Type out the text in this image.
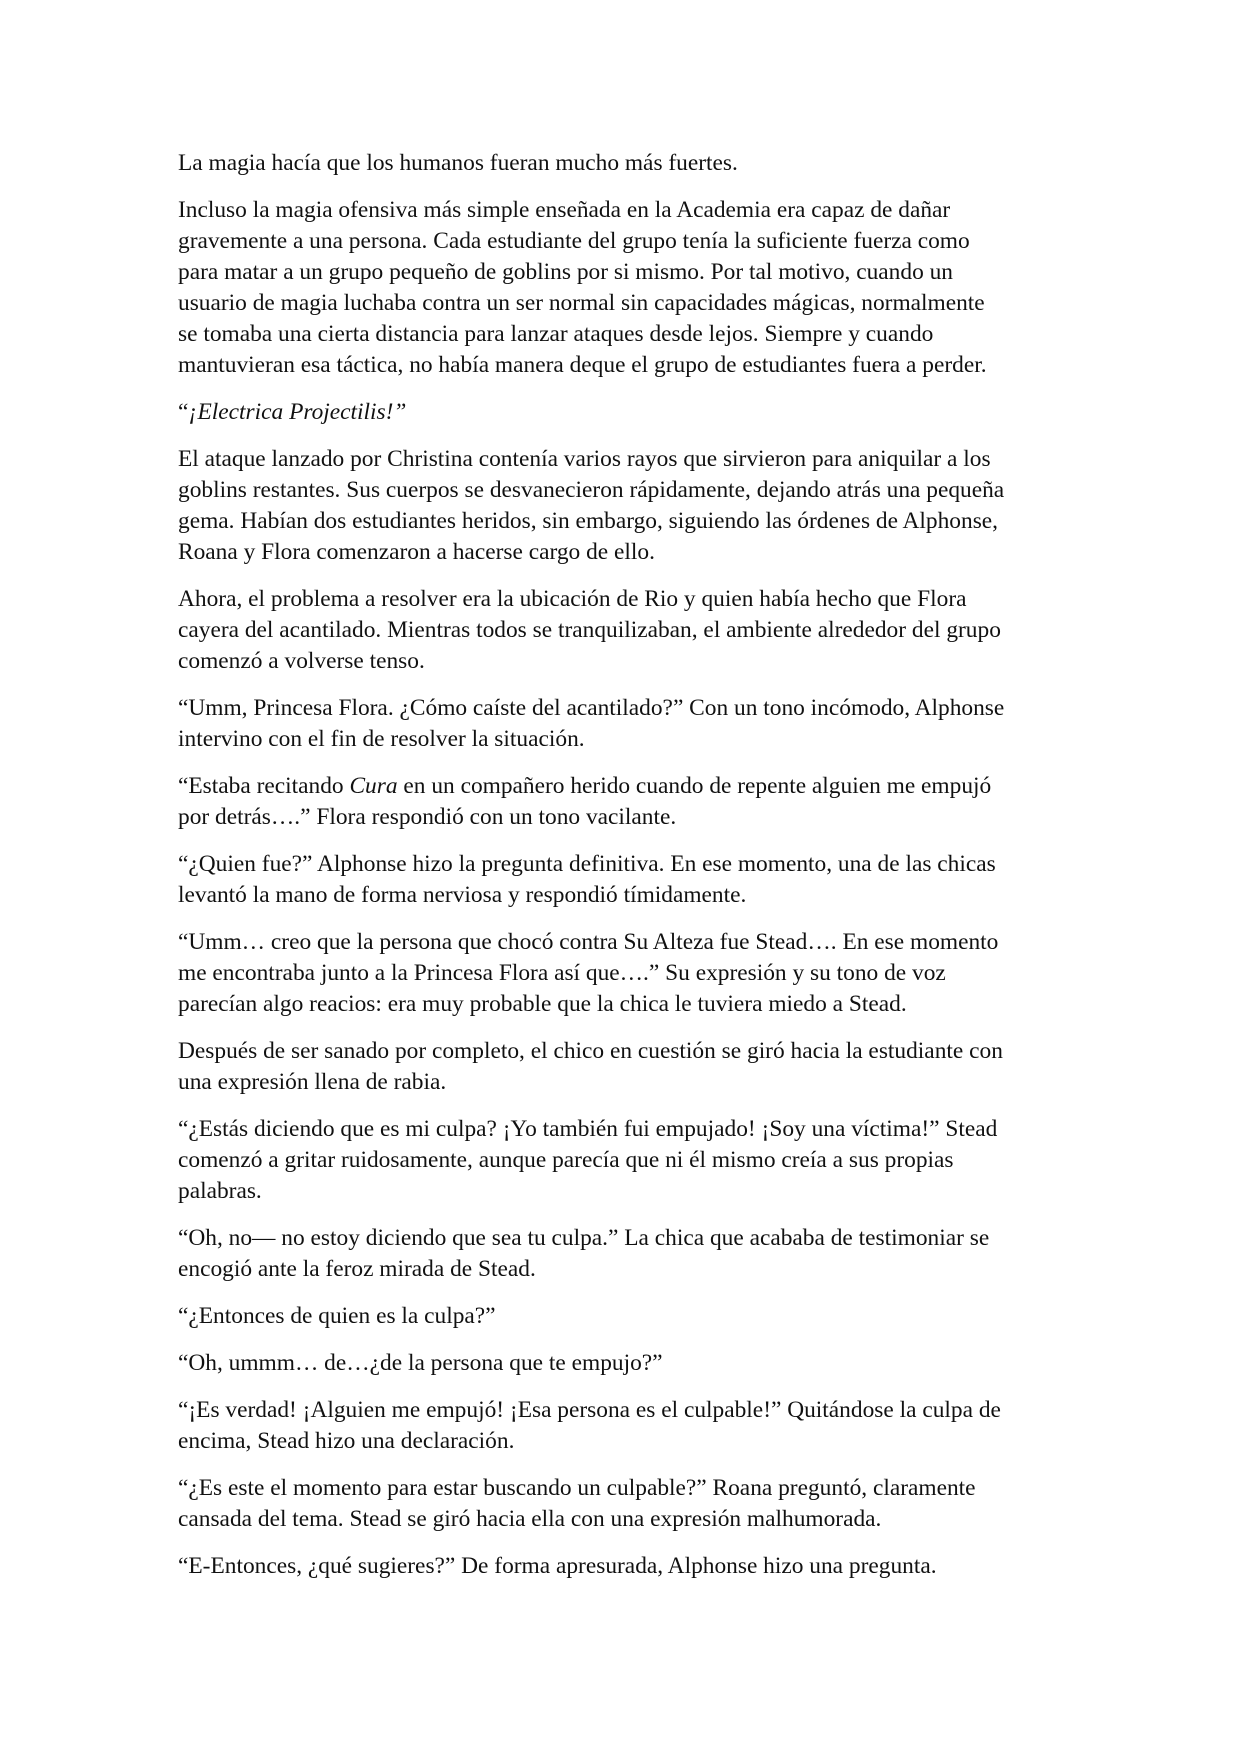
La magia hacía que los humanos fueran mucho más fuertes.

Incluso la magia ofensiva más simple enseñada en la Academia era capaz de dañar
gravemente a una persona. Cada estudiante del grupo tenía la suficiente fuerza como
para matar a un grupo pequeño de goblins por si mismo. Por tal motivo, cuando un
usuario de magia luchaba contra un ser normal sin capacidades mágicas, normalmente
se tomaba una cierta distancia para lanzar ataques desde lejos. Siempre y cuando
mantuvieran esa táctica, no había manera deque el grupo de estudiantes fuera a perder.

“¡Electrica Projectilis!”

El ataque lanzado por Christina contenía varios rayos que sirvieron para aniquilar a los
goblins restantes. Sus cuerpos se desvanecieron rápidamente, dejando atrás una pequeña
gema. Habían dos estudiantes heridos, sin embargo, siguiendo las órdenes de Alphonse,
Roana y Flora comenzaron a hacerse cargo de ello.

Ahora, el problema a resolver era la ubicación de Rio y quien había hecho que Flora
cayera del acantilado. Mientras todos se tranquilizaban, el ambiente alrededor del grupo
comenzó a volverse tenso.

“Umm, Princesa Flora. ¿Cómo caíste del acantilado?” Con un tono incómodo, Alphonse
intervino con el fin de resolver la situación.

“Estaba recitando Cura en un compañero herido cuando de repente alguien me empujó
por detrás….” Flora respondió con un tono vacilante.

“¿Quien fue?” Alphonse hizo la pregunta definitiva. En ese momento, una de las chicas
levantó la mano de forma nerviosa y respondió tímidamente.

“Umm… creo que la persona que chocó contra Su Alteza fue Stead…. En ese momento
me encontraba junto a la Princesa Flora así que….” Su expresión y su tono de voz
parecían algo reacios: era muy probable que la chica le tuviera miedo a Stead.

Después de ser sanado por completo, el chico en cuestión se giró hacia la estudiante con
una expresión llena de rabia.

“¿Estás diciendo que es mi culpa? ¡Yo también fui empujado! ¡Soy una víctima!” Stead
comenzó a gritar ruidosamente, aunque parecía que ni él mismo creía a sus propias
palabras.

“Oh, no— no estoy diciendo que sea tu culpa.” La chica que acababa de testimoniar se
encogió ante la feroz mirada de Stead.

“¿Entonces de quien es la culpa?”

“Oh, ummm… de…¿de la persona que te empujo?”

“¡Es verdad! ¡Alguien me empujó! ¡Esa persona es el culpable!” Quitándose la culpa de
encima, Stead hizo una declaración.

“¿Es este el momento para estar buscando un culpable?” Roana preguntó, claramente
cansada del tema. Stead se giró hacia ella con una expresión malhumorada.

“E-Entonces, ¿qué sugieres?” De forma apresurada, Alphonse hizo una pregunta.
